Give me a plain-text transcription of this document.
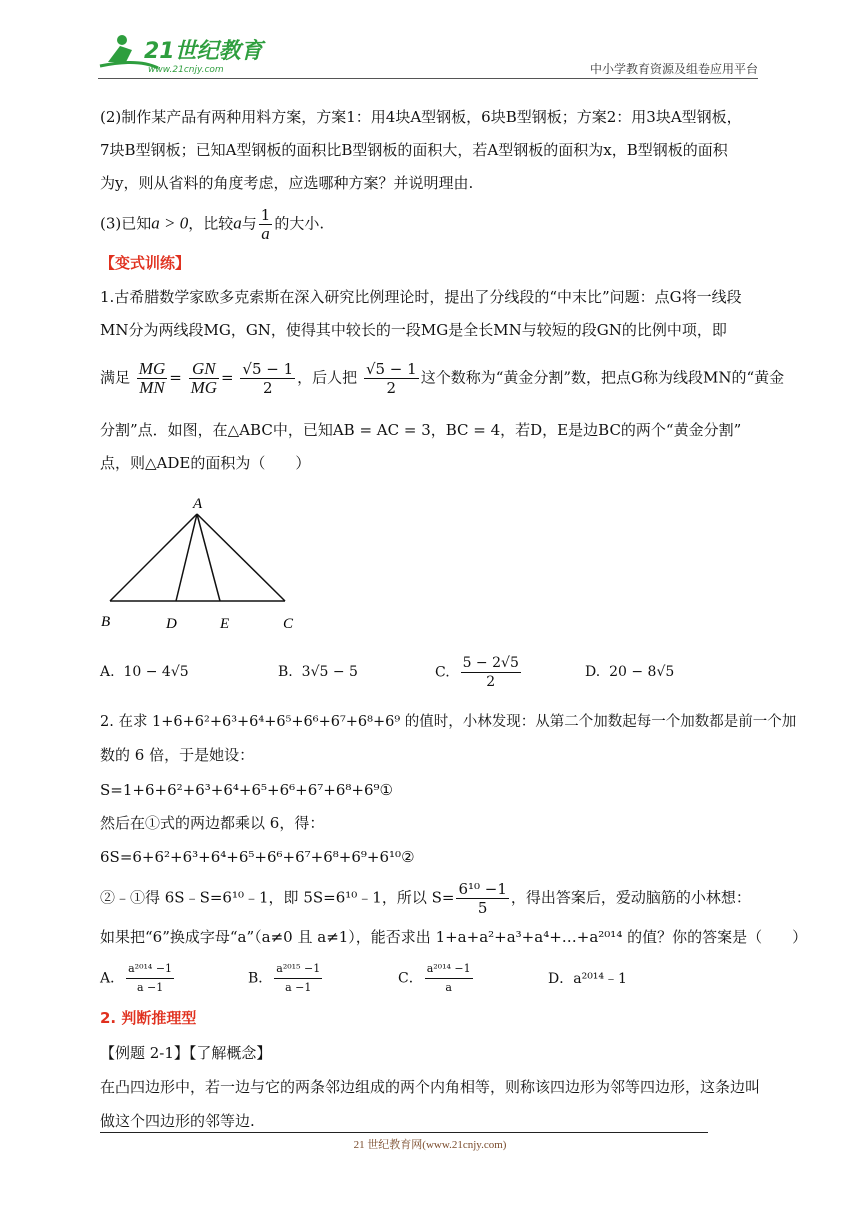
21世纪教育
www.21cnjy.com	中小学教育资源及组卷应用平台
(2)制作某产品有两种用料方案，方案1：用4块A型钢板，6块B型钢板；方案2：用3块A型钢板，
7块B型钢板；已知A型钢板的面积比B型钢板的面积大，若A型钢板的面积为x，B型钢板的面积
为y，则从省料的角度考虑，应选哪种方案？并说明理由.
(3)已知a > 0，比较a与 $\frac{1}{a}$ 的大小.
【变式训练】
1.古希腊数学家欧多克索斯在深入研究比例理论时，提出了分线段的“中末比”问题：点G将一线段
MN分为两线段MG，GN，使得其中较长的一段MG是全长MN与较短的段GN的比例中项，即
满足 $\frac{MG}{MN} = \frac{GN}{MG} = \frac{√5 - 1}{2}$ ，后人把 $\frac{√5 - 1}{2}$ 这个数称为“黄金分割”数，把点G称为线段MN的“黄金
分割”点．如图，在△ABC中，已知AB = AC = 3，BC = 4，若D，E是边BC的两个“黄金分割”
点，则△ADE的面积为（　　）
A
B	D	E	C
A. 10 − 4√5	B. 3√5 − 5	C. $\frac{5 - 2√5}{2}$	D. 20 − 8√5
2. 在求 1+6+6²+6³+6⁴+6⁵+6⁶+6⁷+6⁸+6⁹ 的值时，小林发现：从第二个加数起每一个加数都是前一个加
数的 6 倍，于是她设：
S=1+6+6²+6³+6⁴+6⁵+6⁶+6⁷+6⁸+6⁹①
然后在①式的两边都乘以 6，得：
6S=6+6²+6³+6⁴+6⁵+6⁶+6⁷+6⁸+6⁹+6¹⁰②
②﹣①得 6S﹣S=6¹⁰﹣1，即 5S=6¹⁰﹣1，所以 $S= \frac{\text{6¹⁰ −1}}{5}$ ，得出答案后，爱动脑筋的小林想：
如果把“6”换成字母“a”（a≠0 且 a≠1），能否求出 1+a+a²+a³+a⁴+…+a²⁰¹⁴ 的值？你的答案是（　　）
A． $\frac{\text{a²⁰¹⁴ −1}}{a -1}$	B． $\frac{\text{a²⁰¹⁵ −1}}{a -1}$	C． $\frac{\text{a²⁰¹⁴ −1}}{a}$	D．a²⁰¹⁴﹣1
2. 判断推理型
【例题 2-1】【了解概念】
在凸四边形中，若一边与它的两条邻边组成的两个内角相等，则称该四边形为邻等四边形，这条边叫
做这个四边形的邻等边.
21 世纪教育网(www.21cnjy.com)
